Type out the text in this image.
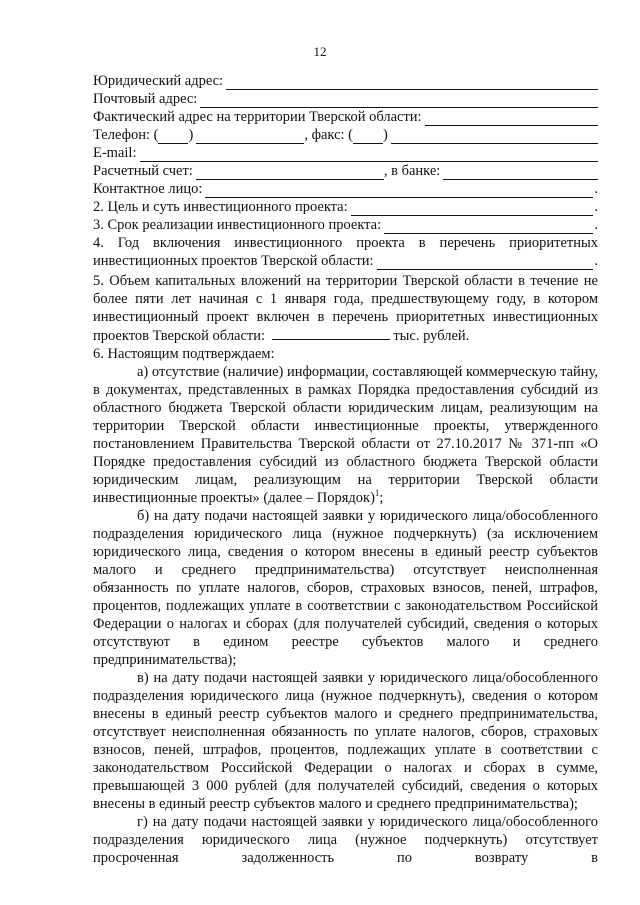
12
Юридический адрес:
Почтовый адрес:
Фактический адрес на территории Тверской области:
Телефон: ( )	, факс: ( )
E-mail:
Расчетный счет:	, в банке:
Контактное лицо:	.
2. Цель и суть инвестиционного проекта:	.
3. Срок реализации инвестиционного проекта:	.
4. Год включения инвестиционного проекта в перечень приоритетных
инвестиционных проектов Тверской области:	.
5. Объем капитальных вложений на территории Тверской области в течение не более пяти лет начиная с 1 января года, предшествующему году, в котором инвестиционный проект включен в перечень приоритетных инвестиционных проектов Тверской области:	тыс. рублей.
6. Настоящим подтверждаем:
а) отсутствие (наличие) информации, составляющей коммерческую тайну, в документах, представленных в рамках Порядка предоставления субсидий из областного бюджета Тверской области юридическим лицам, реализующим на территории Тверской области инвестиционные проекты, утвержденного постановлением Правительства Тверской области от 27.10.2017 № 371-пп «О Порядке предоставления субсидий из областного бюджета Тверской области юридическим лицам, реализующим на территории Тверской области инвестиционные проекты» (далее – Порядок)$^1$;
б) на дату подачи настоящей заявки у юридического лица/обособленного подразделения юридического лица (нужное подчеркнуть) (за исключением юридического лица, сведения о котором внесены в единый реестр субъектов малого и среднего предпринимательства) отсутствует неисполненная обязанность по уплате налогов, сборов, страховых взносов, пеней, штрафов, процентов, подлежащих уплате в соответствии с законодательством Российской Федерации о налогах и сборах (для получателей субсидий, сведения о которых отсутствуют в едином реестре субъектов малого и среднего предпринимательства);
в) на дату подачи настоящей заявки у юридического лица/обособленного подразделения юридического лица (нужное подчеркнуть), сведения о котором внесены в единый реестр субъектов малого и среднего предпринимательства, отсутствует неисполненная обязанность по уплате налогов, сборов, страховых взносов, пеней, штрафов, процентов, подлежащих уплате в соответствии с законодательством Российской Федерации о налогах и сборах в сумме, превышающей 3 000 рублей (для получателей субсидий, сведения о которых внесены в единый реестр субъектов малого и среднего предпринимательства);
г) на дату подачи настоящей заявки у юридического лица/обособленного подразделения юридического лица (нужное подчеркнуть) отсутствует просроченная задолженность по возврату в
